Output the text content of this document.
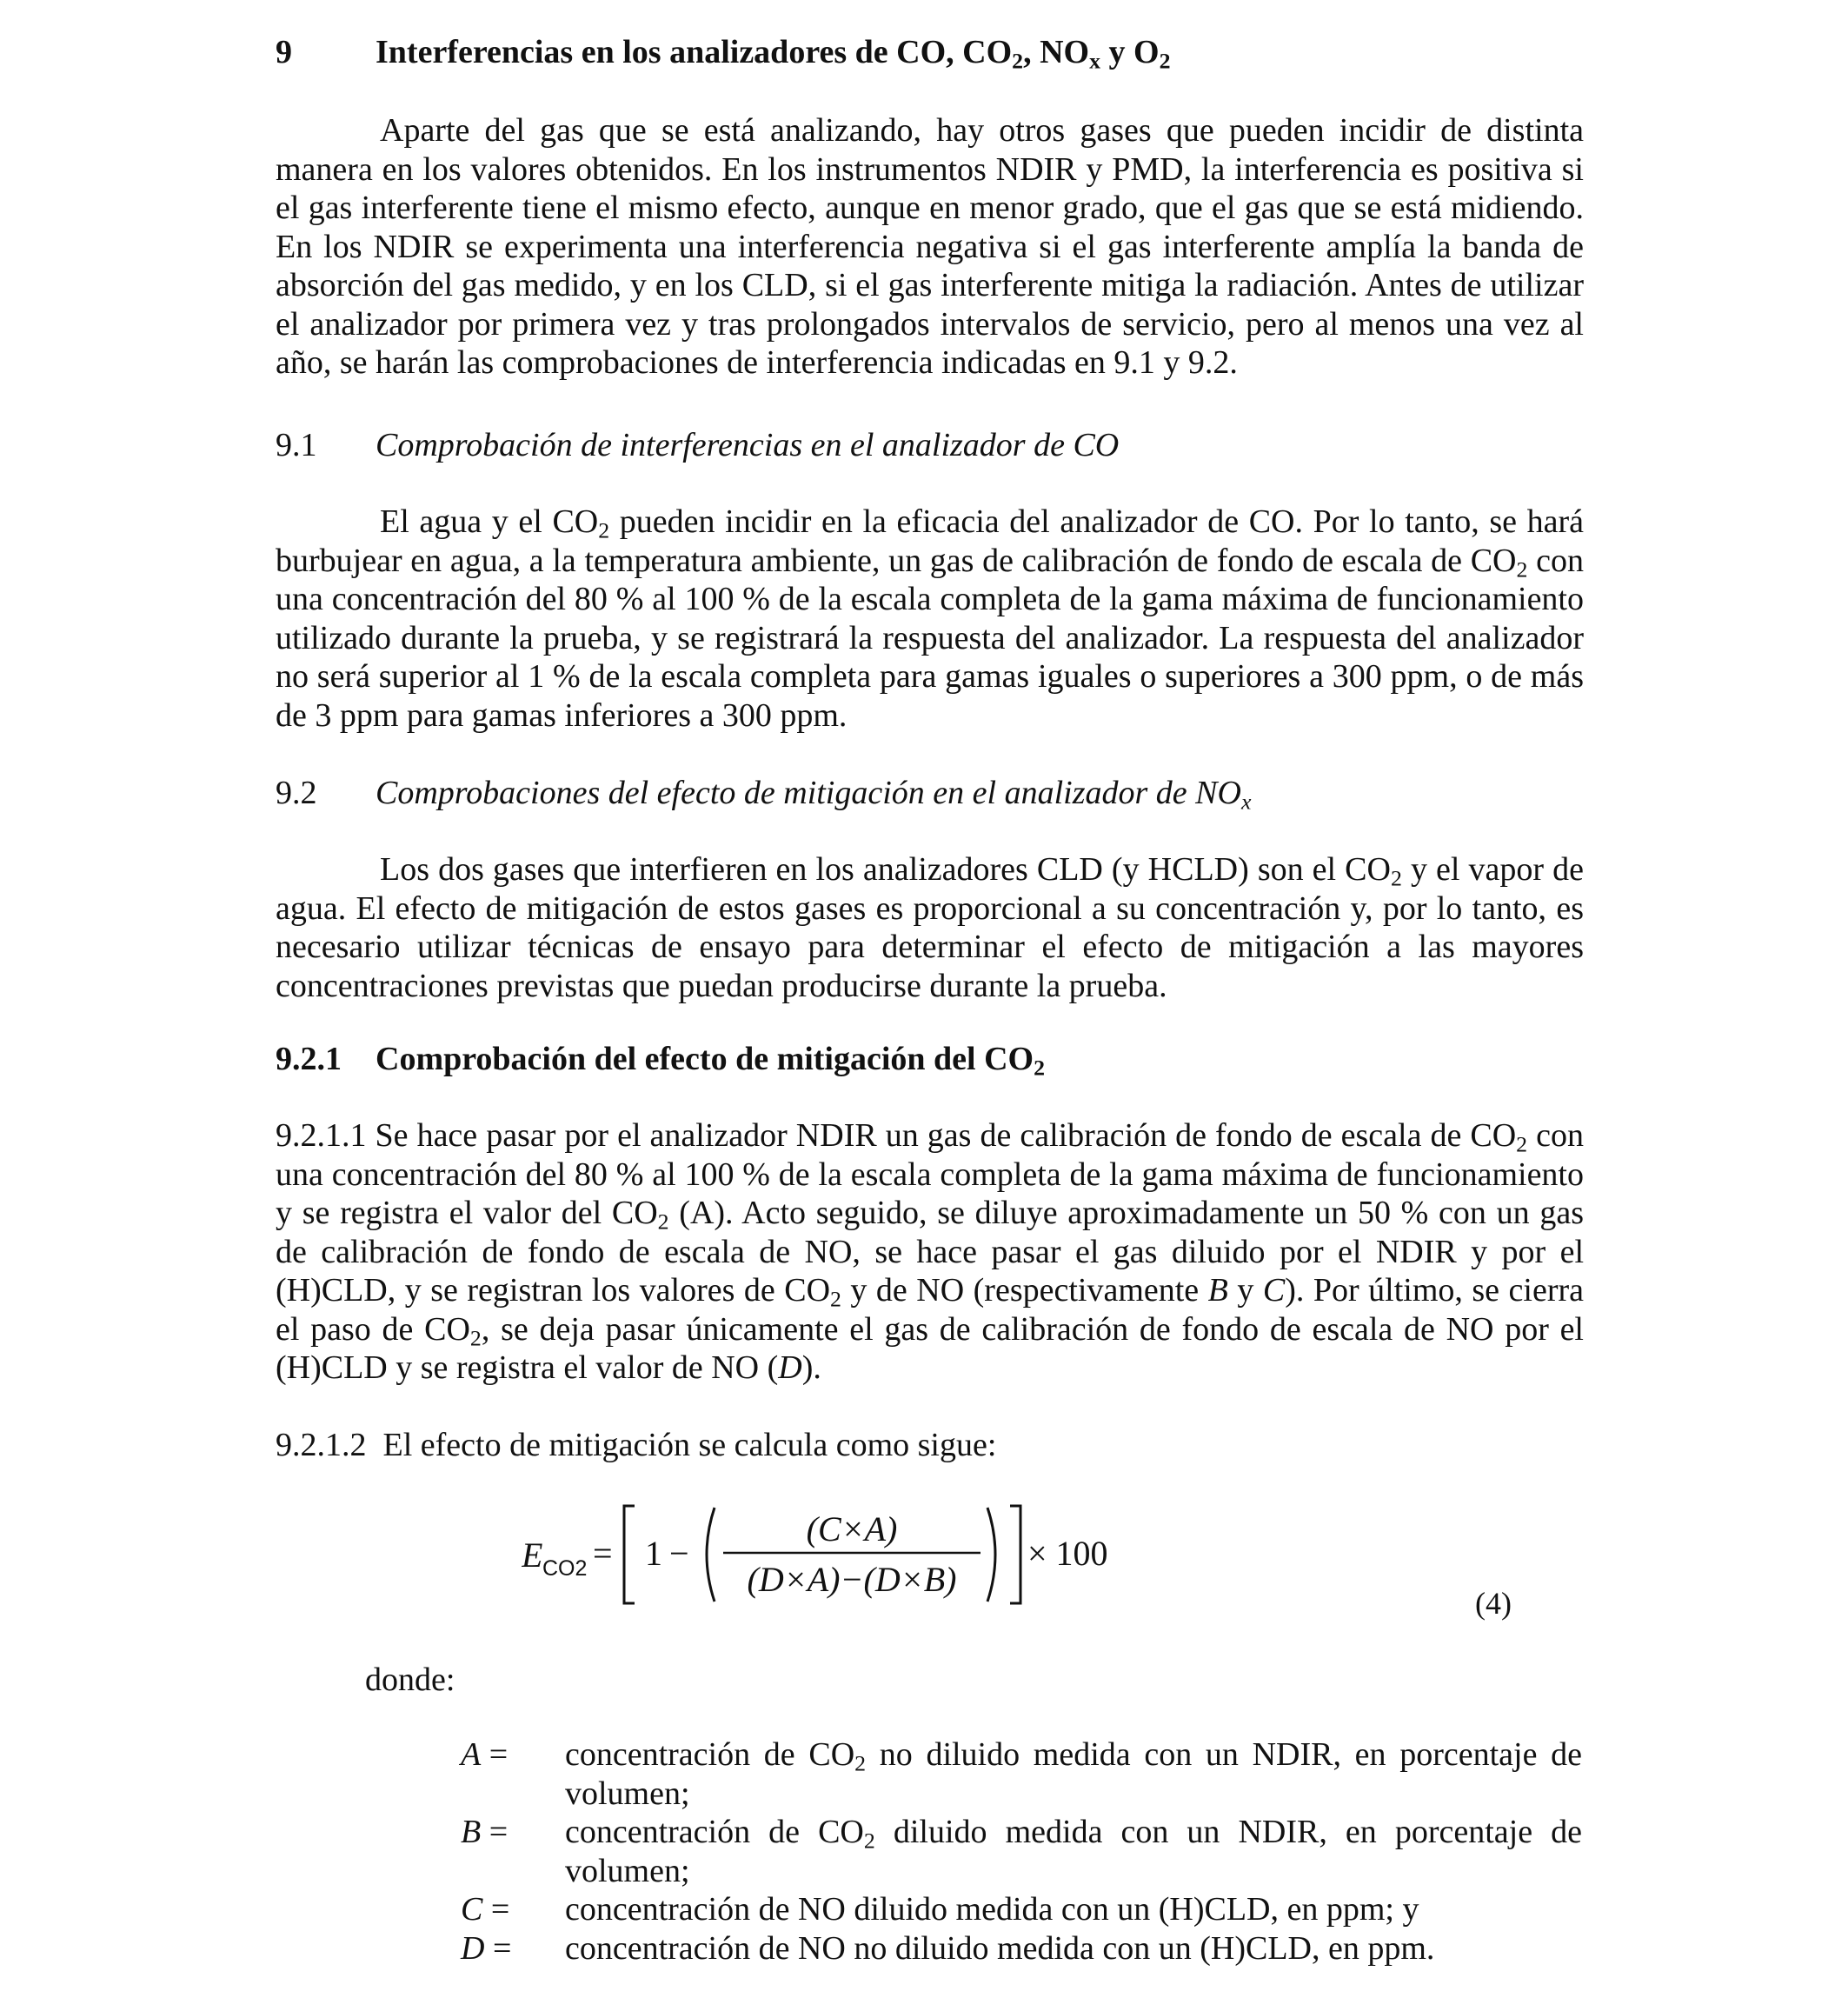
9	Interferencias en los analizadores de CO, $CO_2$, $NO_x$ y $O_2$

Aparte del gas que se está analizando, hay otros gases que pueden incidir de distinta manera en los valores obtenidos. En los instrumentos NDIR y PMD, la interferencia es positiva si el gas interferente tiene el mismo efecto, aunque en menor grado, que el gas que se está midiendo. En los NDIR se experimenta una interferencia negativa si el gas interferente amplía la banda de absorción del gas medido, y en los CLD, si el gas interferente mitiga la radiación. Antes de utilizar el analizador por primera vez y tras prolongados intervalos de servicio, pero al menos una vez al año, se harán las comprobaciones de interferencia indicadas en 9.1 y 9.2.

9.1 Comprobación de interferencias en el analizador de CO

El agua y el $CO_2$ pueden incidir en la eficacia del analizador de CO. Por lo tanto, se hará burbujear en agua, a la temperatura ambiente, un gas de calibración de fondo de escala de $CO_2$ con una concentración del 80 % al 100 % de la escala completa de la gama máxima de funcionamiento utilizado durante la prueba, y se registrará la respuesta del analizador. La respuesta del analizador no será superior al 1 % de la escala completa para gamas iguales o superiores a 300 ppm, o de más de 3 ppm para gamas inferiores a 300 ppm.

9.2 Comprobaciones del efecto de mitigación en el analizador de $NO_x$

Los dos gases que interfieren en los analizadores CLD (y HCLD) son el $CO_2$ y el vapor de agua. El efecto de mitigación de estos gases es proporcional a su concentración y, por lo tanto, es necesario utilizar técnicas de ensayo para determinar el efecto de mitigación a las mayores concentraciones previstas que puedan producirse durante la prueba.

9.2.1 Comprobación del efecto de mitigación del $CO_2$

9.2.1.1 Se hace pasar por el analizador NDIR un gas de calibración de fondo de escala de $CO_2$ con una concentración del 80 % al 100 % de la escala completa de la gama máxima de funcionamiento y se registra el valor del $CO_2$ (A). Acto seguido, se diluye aproximadamente un 50 % con un gas de calibración de fondo de escala de NO, se hace pasar el gas diluido por el NDIR y por el (H)CLD, y se registran los valores de $CO_2$ y de NO (respectivamente B y C). Por último, se cierra el paso de $CO_2$, se deja pasar únicamente el gas de calibración de fondo de escala de NO por el (H)CLD y se registra el valor de NO (D).

9.2.1.2 El efecto de mitigación se calcula como sigue:
E CO2 = 1 −
(C×A)
(D×A)−(D×B)
× 100
(4)
donde:
A = concentración de $CO_2$ no diluido medida con un NDIR, en porcentaje de volumen;
B = concentración de $CO_2$ diluido medida con un NDIR, en porcentaje de volumen;
C = concentración de NO diluido medida con un (H)CLD, en ppm; y
D = concentración de NO no diluido medida con un (H)CLD, en ppm.
